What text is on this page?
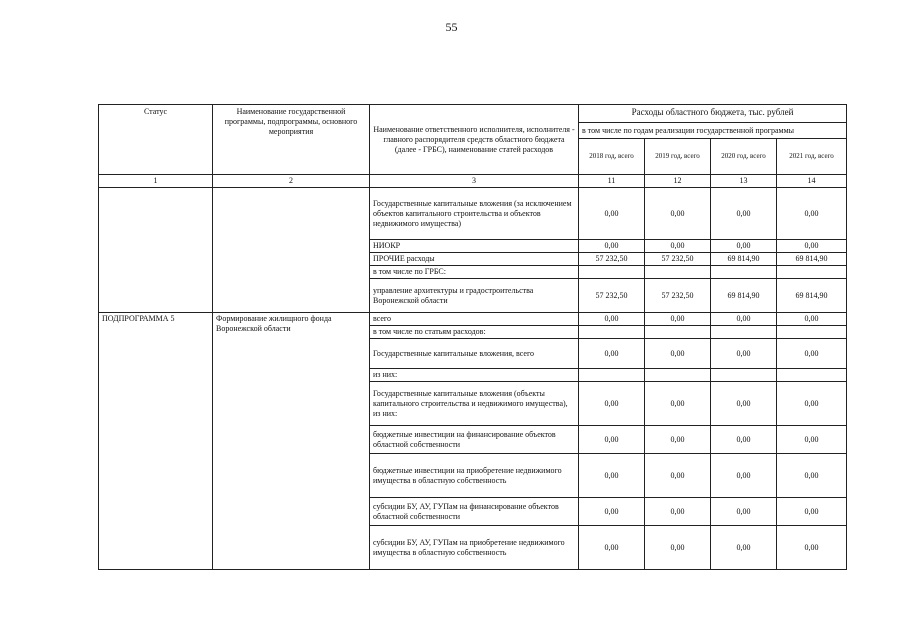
55
Статус	Наименование государственной программы, подпрограммы, основного мероприятия	Наименование ответственного исполнителя, исполнителя - главного распорядителя средств областного бюджета (далее - ГРБС), наименование статей расходов	Расходы областного бюджета, тыс. рублей			
			в том числе по годам реализации государственной программы			
			2018 год, всего	2019 год, всего	2020 год, всего	2021 год, всего
1	2	3	11	12	13	14
		Государственные капитальные вложения (за исключением объектов капитального строительства и объектов недвижимого имущества)	0,00	0,00	0,00	0,00
		НИОКР	0,00	0,00	0,00	0,00
		ПРОЧИЕ расходы	57 232,50	57 232,50	69 814,90	69 814,90
		в том числе по ГРБС:				
		управление архитектуры и градостроительства Воронежской области	57 232,50	57 232,50	69 814,90	69 814,90
ПОДПРОГРАММА 5	Формирование жилищного фонда Воронежской области	всего	0,00	0,00	0,00	0,00
		в том числе по статьям расходов:				
		Государственные капитальные вложения, всего	0,00	0,00	0,00	0,00
		из них:				
		Государственные капитальные вложения (объекты капитального строительства и недвижимого имущества), из них:	0,00	0,00	0,00	0,00
		бюджетные инвестиции на финансирование объектов областной собственности	0,00	0,00	0,00	0,00
		бюджетные инвестиции на приобретение недвижимого имущества в областную собственность	0,00	0,00	0,00	0,00
		субсидии БУ, АУ, ГУПам на финансирование объектов областной собственности	0,00	0,00	0,00	0,00
		субсидии БУ, АУ, ГУПам на приобретение недвижимого имущества в областную собственность	0,00	0,00	0,00	0,00
